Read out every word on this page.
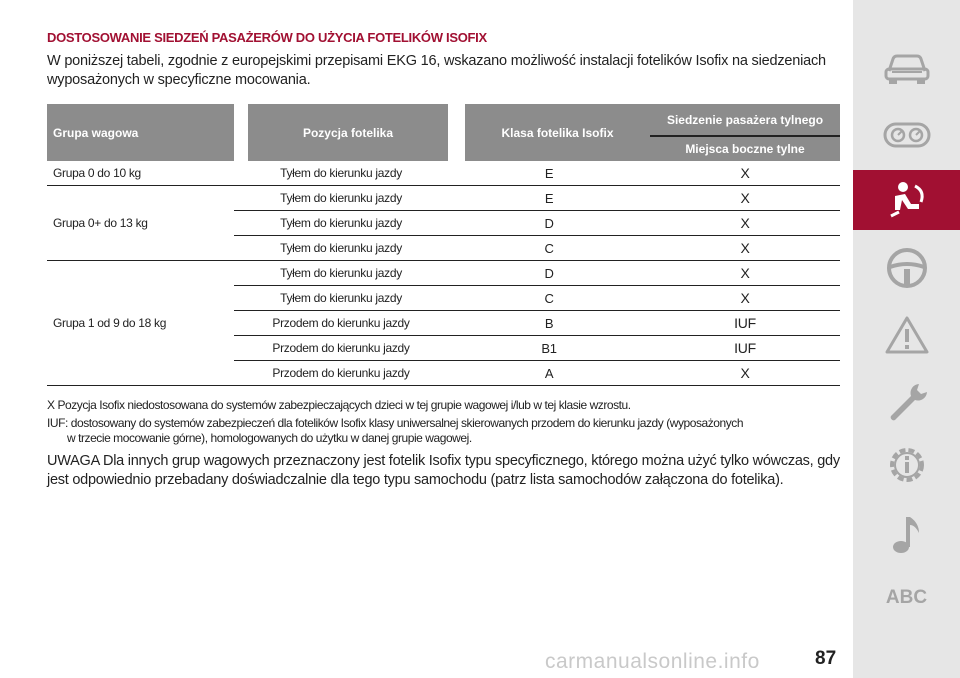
DOSTOSOWANIE SIEDZEŃ PASAŻERÓW DO UŻYCIA FOTELIKÓW ISOFIX
W poniższej tabeli, zgodnie z europejskimi przepisami EKG 16, wskazano możliwość instalacji fotelików Isofix na siedzeniach wyposażonych w specyficzne mocowania.
Grupa wagowa		Pozycja fotelika		Klasa fotelika Isofix	Siedzenie pasażera tylnego
					Miejsca boczne tylne
Grupa 0 do 10 kg	Tyłem do kierunku jazdy		E		X
Grupa 0+ do 13 kg	Tyłem do kierunku jazdy		E		X
	Tyłem do kierunku jazdy		D		X
	Tyłem do kierunku jazdy		C		X
Grupa 1 od 9 do 18 kg	Tyłem do kierunku jazdy		D		X
	Tyłem do kierunku jazdy		C		X
	Przodem do kierunku jazdy		B		IUF
	Przodem do kierunku jazdy		B1		IUF
	Przodem do kierunku jazdy		A		X

X Pozycja Isofix niedostosowana do systemów zabezpieczających dzieci w tej grupie wagowej i/lub w tej klasie wzrostu.

IUF: dostosowany do systemów zabezpieczeń dla fotelików Isofix klasy uniwersalnej skierowanych przodem do kierunku jazdy (wyposażonych
w trzecie mocowanie górne), homologowanych do użytku w danej grupie wagowej.

UWAGA Dla innych grup wagowych przeznaczony jest fotelik Isofix typu specyficznego, którego można użyć tylko wówczas, gdy jest odpowiednio przebadany doświadczalnie dla tego typu samochodu (patrz lista samochodów załączona do fotelika).
ABC
carmanualsonline.info	87
